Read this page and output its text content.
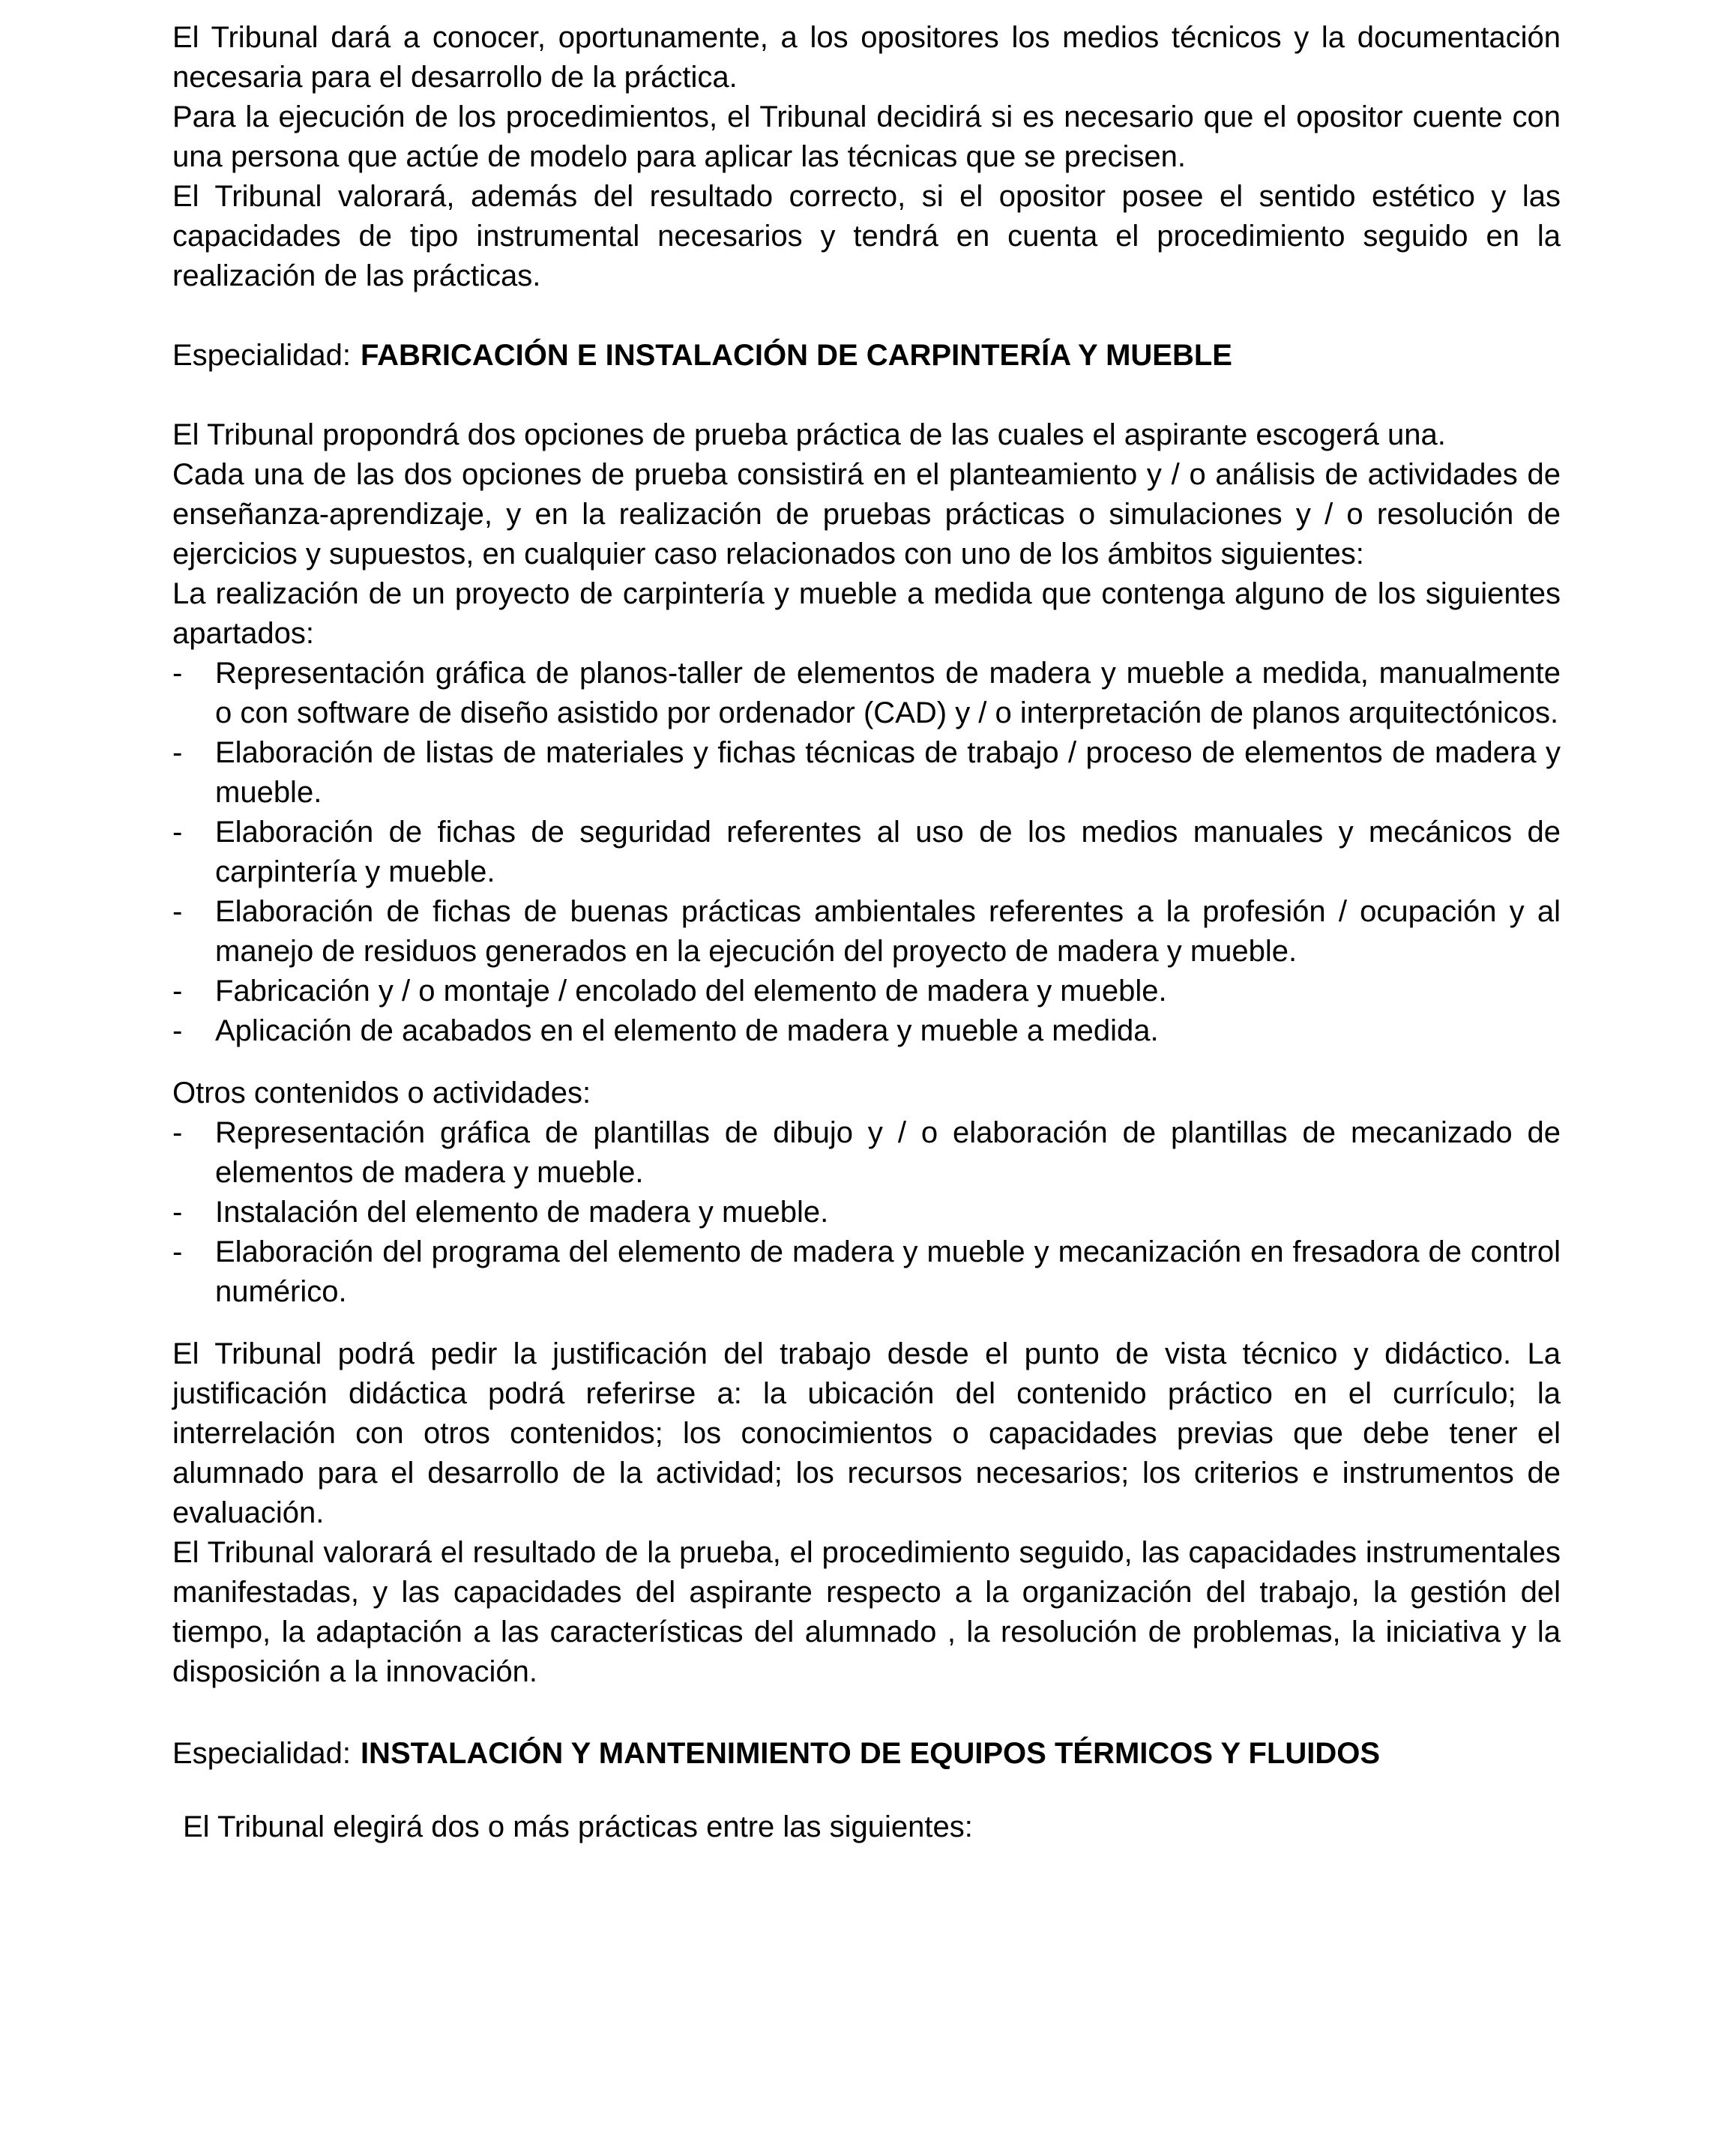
El Tribunal dará a conocer, oportunamente, a los opositores los medios técnicos y la documentación necesaria para el desarrollo de la práctica.

Para la ejecución de los procedimientos, el Tribunal decidirá si es necesario que el opositor cuente con una persona que actúe de modelo para aplicar las técnicas que se precisen.

El Tribunal valorará, además del resultado correcto, si el opositor posee el sentido estético y las capacidades de tipo instrumental necesarios y tendrá en cuenta el procedimiento seguido en la realización de las prácticas.

Especialidad: FABRICACIÓN E INSTALACIÓN DE CARPINTERÍA Y MUEBLE

El Tribunal propondrá dos opciones de prueba práctica de las cuales el aspirante escogerá una.

Cada una de las dos opciones de prueba consistirá en el planteamiento y / o análisis de actividades de enseñanza-aprendizaje, y en la realización de pruebas prácticas o simulaciones y / o resolución de ejercicios y supuestos, en cualquier caso relacionados con uno de los ámbitos siguientes:

La realización de un proyecto de carpintería y mueble a medida que contenga alguno de los siguientes apartados:

-	Representación gráfica de planos-taller de elementos de madera y mueble a medida, manualmente o con software de diseño asistido por ordenador (CAD) y / o interpretación de planos arquitectónicos.
-	Elaboración de listas de materiales y fichas técnicas de trabajo / proceso de elementos de madera y mueble.
-	Elaboración de fichas de seguridad referentes al uso de los medios manuales y mecánicos de carpintería y mueble.
-	Elaboración de fichas de buenas prácticas ambientales referentes a la profesión / ocupación y al manejo de residuos generados en la ejecución del proyecto de madera y mueble.
-	Fabricación y / o montaje / encolado del elemento de madera y mueble.
-	Aplicación de acabados en el elemento de madera y mueble a medida.

Otros contenidos o actividades:

-	Representación gráfica de plantillas de dibujo y / o elaboración de plantillas de mecanizado de elementos de madera y mueble.
-	Instalación del elemento de madera y mueble.
-	Elaboración del programa del elemento de madera y mueble y mecanización en fresadora de control numérico.

El Tribunal podrá pedir la justificación del trabajo desde el punto de vista técnico y didáctico. La justificación didáctica podrá referirse a: la ubicación del contenido práctico en el currículo; la interrelación con otros contenidos; los conocimientos o capacidades previas que debe tener el alumnado para el desarrollo de la actividad; los recursos necesarios; los criterios e instrumentos de evaluación.

El Tribunal valorará el resultado de la prueba, el procedimiento seguido, las capacidades instrumentales manifestadas, y las capacidades del aspirante respecto a la organización del trabajo, la gestión del tiempo, la adaptación a las características del alumnado , la resolución de problemas, la iniciativa y la disposición a la innovación.

Especialidad: INSTALACIÓN Y MANTENIMIENTO DE EQUIPOS TÉRMICOS Y FLUIDOS

El Tribunal elegirá dos o más prácticas entre las siguientes:
